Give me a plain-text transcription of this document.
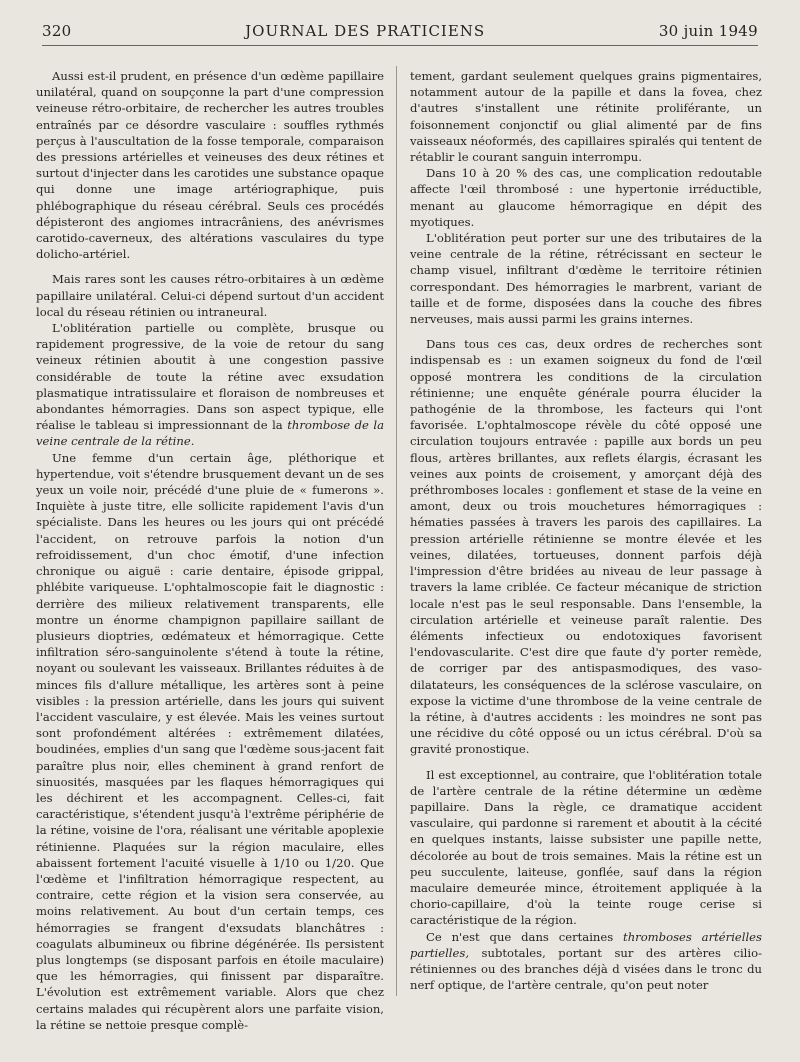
320	JOURNAL DES PRATICIENS	30 juin 1949

Aussi est-il prudent, en présence d'un œdème papillaire unilatéral, quand on soupçonne la part d'une compression veineuse rétro-orbitaire, de rechercher les autres troubles entraînés par ce désordre vasculaire : souffles rythmés perçus à l'auscultation de la fosse temporale, comparaison des pressions artérielles et veineuses des deux rétines et surtout d'injecter dans les carotides une substance opaque qui donne une image artériographique, puis phlébographique du réseau cérébral. Seuls ces procédés dépisteront des angiomes intracrâniens, des anévrismes carotido-caverneux, des altérations vasculaires du type dolicho-artériel.

Mais rares sont les causes rétro-orbitaires à un œdème papillaire unilatéral. Celui-ci dépend surtout d'un accident local du réseau rétinien ou intraneural.

L'oblitération partielle ou complète, brusque ou rapidement progressive, de la voie de retour du sang veineux rétinien aboutit à une congestion passive considérable de toute la rétine avec exsudation plasmatique intratissulaire et floraison de nombreuses et abondantes hémorragies. Dans son aspect typique, elle réalise le tableau si impressionnant de la thrombose de la veine centrale de la rétine.

Une femme d'un certain âge, pléthorique et hypertendue, voit s'étendre brusquement devant un de ses yeux un voile noir, précédé d'une pluie de « fumerons ». Inquiète à juste titre, elle sollicite rapidement l'avis d'un spécialiste. Dans les heures ou les jours qui ont précédé l'accident, on retrouve parfois la notion d'un refroidissement, d'un choc émotif, d'une infection chronique ou aiguë : carie dentaire, épisode grippal, phlébite variqueuse. L'ophtalmoscopie fait le diagnostic : derrière des milieux relativement transparents, elle montre un énorme champignon papillaire saillant de plusieurs dioptries, œdémateux et hémorragique. Cette infiltration séro-sanguinolente s'étend à toute la rétine, noyant ou soulevant les vaisseaux. Brillantes réduites à de minces fils d'allure métallique, les artères sont à peine visibles : la pression artérielle, dans les jours qui suivent l'accident vasculaire, y est élevée. Mais les veines surtout sont profondément altérées : extrêmement dilatées, boudinées, emplies d'un sang que l'œdème sous-jacent fait paraître plus noir, elles cheminent à grand renfort de sinuosités, masquées par les flaques hémorragiques qui les déchirent et les accompagnent. Celles-ci, fait caractéristique, s'étendent jusqu'à l'extrême périphérie de la rétine, voisine de l'ora, réalisant une véritable apoplexie rétinienne. Plaquées sur la région maculaire, elles abaissent fortement l'acuité visuelle à 1/10 ou 1/20. Que l'œdème et l'infiltration hémorragique respectent, au contraire, cette région et la vision sera conservée, au moins relativement. Au bout d'un certain temps, ces hémorragies se frangent d'exsudats blanchâtres : coagulats albumineux ou fibrine dégénérée. Ils persistent plus longtemps (se disposant parfois en étoile maculaire) que les hémorragies, qui finissent par disparaître. L'évolution est extrêmement variable. Alors que chez certains malades qui récupèrent alors une parfaite vision, la rétine se nettoie presque complè-

tement, gardant seulement quelques grains pigmentaires, notamment autour de la papille et dans la fovea, chez d'autres s'installent une rétinite proliférante, un foisonnement conjonctif ou glial alimenté par de fins vaisseaux néoformés, des capillaires spiralés qui tentent de rétablir le courant sanguin interrompu.

Dans 10 à 20 % des cas, une complication redoutable affecte l'œil thrombosé : une hypertonie irréductible, menant au glaucome hémorragique en dépit des myotiques.

L'oblitération peut porter sur une des tributaires de la veine centrale de la rétine, rétrécissant en secteur le champ visuel, infiltrant d'œdème le territoire rétinien correspondant. Des hémorragies le marbrent, variant de taille et de forme, disposées dans la couche des fibres nerveuses, mais aussi parmi les grains internes.

Dans tous ces cas, deux ordres de recherches sont indispensab es : un examen soigneux du fond de l'œil opposé montrera les conditions de la circulation rétinienne; une enquête générale pourra élucider la pathogénie de la thrombose, les facteurs qui l'ont favorisée. L'ophtalmoscope révèle du côté opposé une circulation toujours entravée : papille aux bords un peu flous, artères brillantes, aux reflets élargis, écrasant les veines aux points de croisement, y amorçant déjà des préthromboses locales : gonflement et stase de la veine en amont, deux ou trois mouchetures hémorragiques : hématies passées à travers les parois des capillaires. La pression artérielle rétinienne se montre élevée et les veines, dilatées, tortueuses, donnent parfois déjà l'impression d'être bridées au niveau de leur passage à travers la lame criblée. Ce facteur mécanique de striction locale n'est pas le seul responsable. Dans l'ensemble, la circulation artérielle et veineuse paraît ralentie. Des éléments infectieux ou endotoxiques favorisent l'endovascularite. C'est dire que faute d'y porter remède, de corriger par des antispasmodiques, des vaso-dilatateurs, les conséquences de la sclérose vasculaire, on expose la victime d'une thrombose de la veine centrale de la rétine, à d'autres accidents : les moindres ne sont pas une récidive du côté opposé ou un ictus cérébral. D'où sa gravité pronostique.

Il est exceptionnel, au contraire, que l'oblitération totale de l'artère centrale de la rétine détermine un œdème papillaire. Dans la règle, ce dramatique accident vasculaire, qui pardonne si rarement et aboutit à la cécité en quelques instants, laisse subsister une papille nette, décolorée au bout de trois semaines. Mais la rétine est un peu succulente, laiteuse, gonflée, sauf dans la région maculaire demeurée mince, étroitement appliquée à la chorio-capillaire, d'où la teinte rouge cerise si caractéristique de la région.

Ce n'est que dans certaines thromboses artérielles partielles, subtotales, portant sur des artères cilio-rétiniennes ou des branches déjà d visées dans le tronc du nerf optique, de l'artère centrale, qu'on peut noter
